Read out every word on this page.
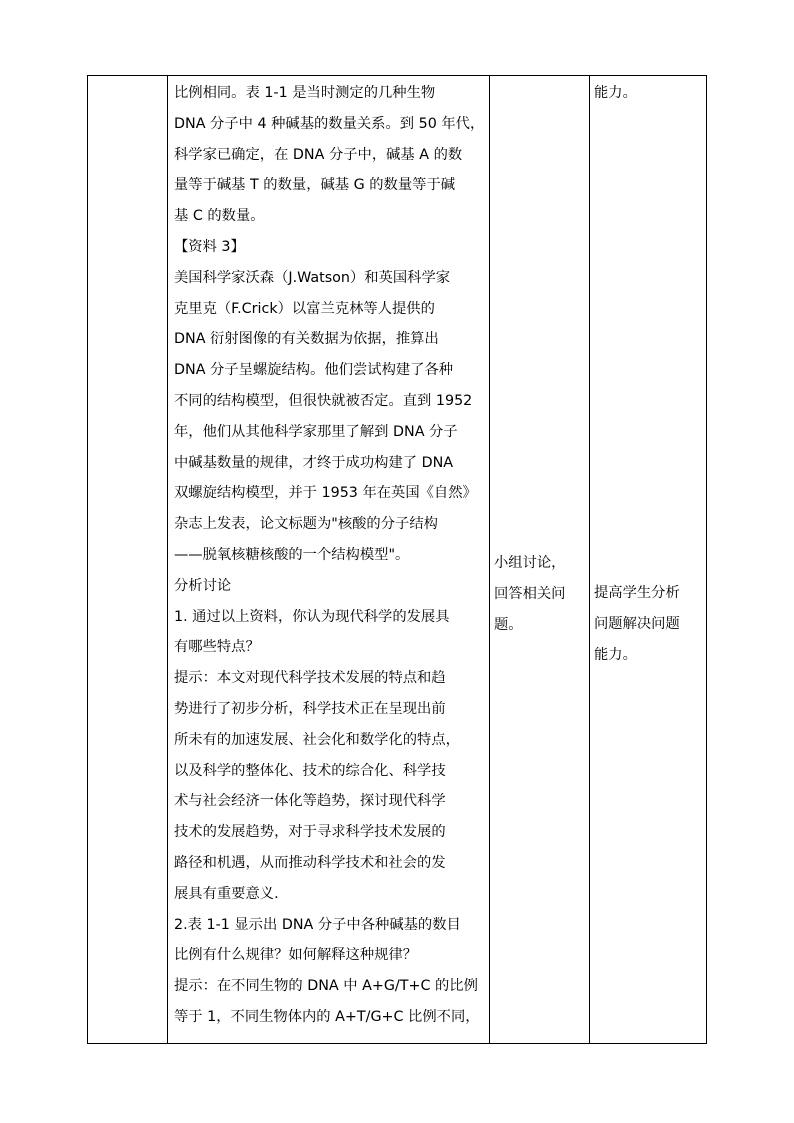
比例相同。表 1-1 是当时测定的几种生物
DNA 分子中 4 种碱基的数量关系。到 50 年代，
科学家已确定，在 DNA 分子中，碱基 A 的数
量等于碱基 T 的数量，碱基 G 的数量等于碱
基 C 的数量。
【资料 3】
美国科学家沃森（J.Watson）和英国科学家
克里克（F.Crick）以富兰克林等人提供的
DNA 衍射图像的有关数据为依据，推算出
DNA 分子呈螺旋结构。他们尝试构建了各种
不同的结构模型，但很快就被否定。直到 1952
年，他们从其他科学家那里了解到 DNA 分子
中碱基数量的规律，才终于成功构建了 DNA
双螺旋结构模型，并于 1953 年在英国《自然》
杂志上发表，论文标题为"核酸的分子结构
——脱氧核糖核酸的一个结构模型"。
分析讨论
1. 通过以上资料，你认为现代科学的发展具
有哪些特点？
提示：本文对现代科学技术发展的特点和趋
势进行了初步分析，科学技术正在呈现出前
所未有的加速发展、社会化和数学化的特点，
以及科学的整体化、技术的综合化、科学技
术与社会经济一体化等趋势，探讨现代科学
技术的发展趋势，对于寻求科学技术发展的
路径和机遇，从而推动科学技术和社会的发
展具有重要意义.
2.表 1-1 显示出 DNA 分子中各种碱基的数目
比例有什么规律？如何解释这种规律？
提示：在不同生物的 DNA 中 A+G/T+C 的比例
等于 1，不同生物体内的 A+T/G+C 比例不同，
小组讨论，
回答相关问
题。
能力。
提高学生分析
问题解决问题
能力。
